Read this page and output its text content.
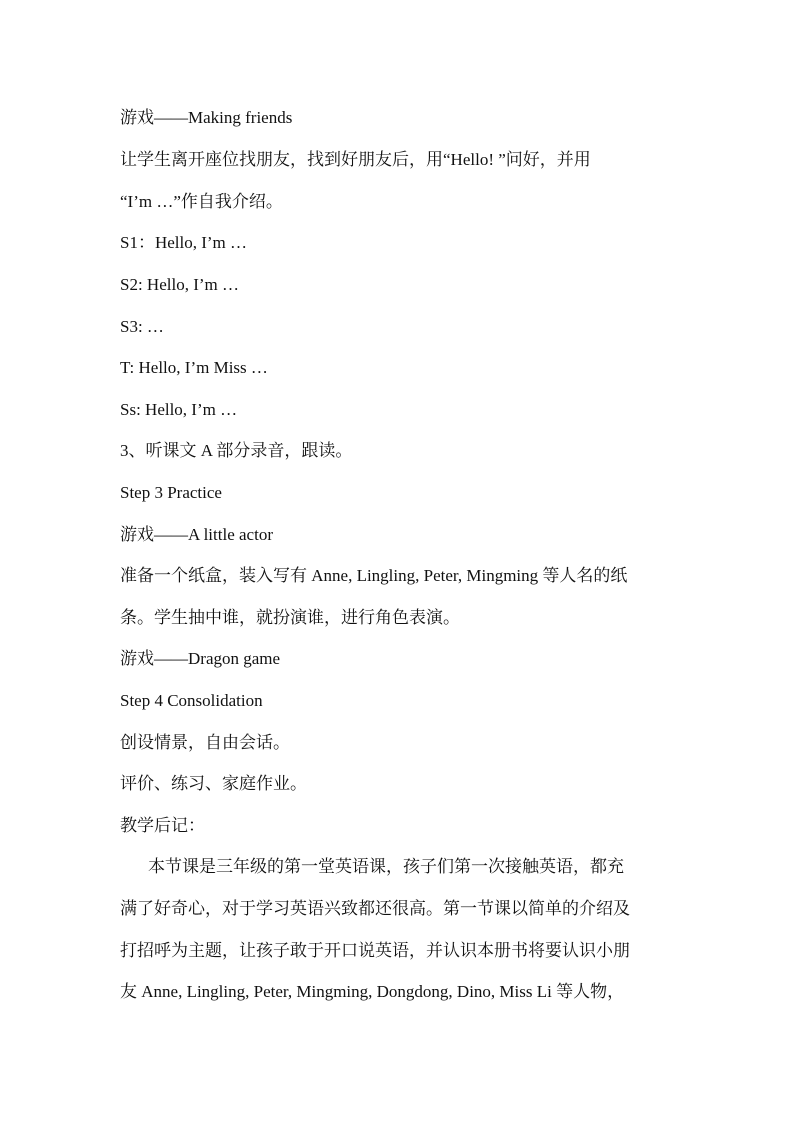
游戏——Making friends
让学生离开座位找朋友，找到好朋友后，用“Hello! ”问好，并用
“I’m …”作自我介绍。
S1：Hello, I’m …
S2: Hello, I’m …
S3: …
T: Hello, I’m Miss …
Ss: Hello, I’m …
3、听课文 A 部分录音，跟读。
Step 3 Practice
游戏——A little actor
准备一个纸盒，装入写有 Anne, Lingling, Peter, Mingming 等人名的纸
条。学生抽中谁，就扮演谁，进行角色表演。
游戏——Dragon game
Step 4 Consolidation
创设情景，自由会话。
评价、练习、家庭作业。
教学后记：
本节课是三年级的第一堂英语课，孩子们第一次接触英语，都充
满了好奇心，对于学习英语兴致都还很高。第一节课以简单的介绍及
打招呼为主题，让孩子敢于开口说英语，并认识本册书将要认识小朋
友 Anne, Lingling, Peter, Mingming, Dongdong, Dino, Miss Li 等人物，
